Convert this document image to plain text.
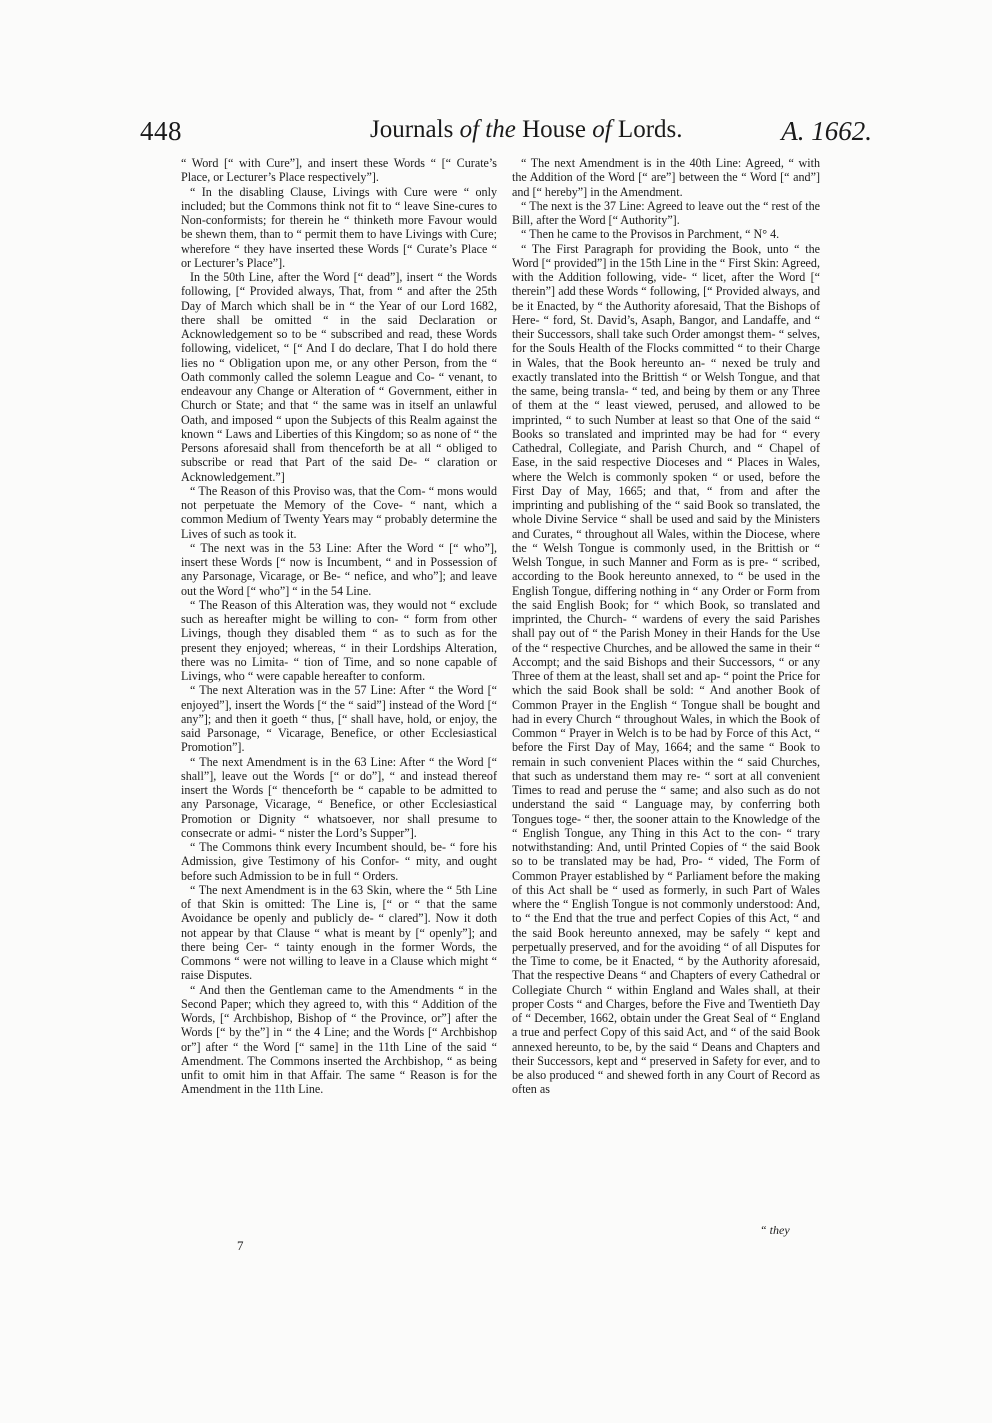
448	Journals of the House of Lords.	A. 1662.

“ Word [“ with Cure”], and insert these Words “ [“ Curate’s Place, or Lecturer’s Place respectively”].

“ In the disabling Clause, Livings with Cure were “ only included; but the Commons think not fit to “ leave Sine-cures to Non-conformists; for therein he “ thinketh more Favour would be shewn them, than to “ permit them to have Livings with Cure; wherefore “ they have inserted these Words [“ Curate’s Place “ or Lecturer’s Place”].

In the 50th Line, after the Word [“ dead”], insert “ the Words following, [“ Provided always, That, from “ and after the 25th Day of March which shall be in “ the Year of our Lord 1682, there shall be omitted “ in the said Declaration or Acknowledgement so to be “ subscribed and read, these Words following, videlicet, “ [“ And I do declare, That I do hold there lies no “ Obligation upon me, or any other Person, from the “ Oath commonly called the solemn League and Co- “ venant, to endeavour any Change or Alteration of “ Government, either in Church or State; and that “ the same was in itself an unlawful Oath, and imposed “ upon the Subjects of this Realm against the known “ Laws and Liberties of this Kingdom; so as none of “ the Persons aforesaid shall from thenceforth be at all “ obliged to subscribe or read that Part of the said De- “ claration or Acknowledgement.”]

“ The Reason of this Proviso was, that the Com- “ mons would not perpetuate the Memory of the Cove- “ nant, which a common Medium of Twenty Years may “ probably determine the Lives of such as took it.

“ The next was in the 53 Line: After the Word “ [“ who”], insert these Words [“ now is Incumbent, “ and in Possession of any Parsonage, Vicarage, or Be- “ nefice, and who”]; and leave out the Word [“ who”] “ in the 54 Line.

“ The Reason of this Alteration was, they would not “ exclude such as hereafter might be willing to con- “ form from other Livings, though they disabled them “ as to such as for the present they enjoyed; whereas, “ in their Lordships Alteration, there was no Limita- “ tion of Time, and so none capable of Livings, who “ were capable hereafter to conform.

“ The next Alteration was in the 57 Line: After “ the Word [“ enjoyed”], insert the Words [“ the “ said”] instead of the Word [“ any”]; and then it goeth “ thus, [“ shall have, hold, or enjoy, the said Parsonage, “ Vicarage, Benefice, or other Ecclesiastical Promotion”].

“ The next Amendment is in the 63 Line: After “ the Word [“ shall”], leave out the Words [“ or do”], “ and instead thereof insert the Words [“ thenceforth be “ capable to be admitted to any Parsonage, Vicarage, “ Benefice, or other Ecclesiastical Promotion or Dignity “ whatsoever, nor shall presume to consecrate or admi- “ nister the Lord’s Supper”].

“ The Commons think every Incumbent should, be- “ fore his Admission, give Testimony of his Confor- “ mity, and ought before such Admission to be in full “ Orders.

“ The next Amendment is in the 63 Skin, where the “ 5th Line of that Skin is omitted: The Line is, [“ or “ that the same Avoidance be openly and publicly de- “ clared”]. Now it doth not appear by that Clause “ what is meant by [“ openly”]; and there being Cer- “ tainty enough in the former Words, the Commons “ were not willing to leave in a Clause which might “ raise Disputes.

“ And then the Gentleman came to the Amendments “ in the Second Paper; which they agreed to, with this “ Addition of the Words, [“ Archbishop, Bishop of “ the Province, or”] after the Words [“ by the”] in “ the 4 Line; and the Words [“ Archbishop or”] after “ the Word [“ same] in the 11th Line of the said “ Amendment. The Commons inserted the Archbishop, “ as being unfit to omit him in that Affair. The same “ Reason is for the Amendment in the 11th Line.

“ The next Amendment is in the 40th Line: Agreed, “ with the Addition of the Word [“ are”] between the “ Word [“ and”] and [“ hereby”] in the Amendment.

“ The next is the 37 Line: Agreed to leave out the “ rest of the Bill, after the Word [“ Authority”].

“ Then he came to the Provisos in Parchment, “ N° 4.

“ The First Paragraph for providing the Book, unto “ the Word [“ provided”] in the 15th Line in the “ First Skin: Agreed, with the Addition following, vide- “ licet, after the Word [“ therein”] add these Words “ following, [“ Provided always, and be it Enacted, by “ the Authority aforesaid, That the Bishops of Here- “ ford, St. David’s, Asaph, Bangor, and Landaffe, and “ their Successors, shall take such Order amongst them- “ selves, for the Souls Health of the Flocks committed “ to their Charge in Wales, that the Book hereunto an- “ nexed be truly and exactly translated into the Brittish “ or Welsh Tongue, and that the same, being transla- “ ted, and being by them or any Three of them at the “ least viewed, perused, and allowed to be imprinted, “ to such Number at least so that One of the said “ Books so translated and imprinted may be had for “ every Cathedral, Collegiate, and Parish Church, and “ Chapel of Ease, in the said respective Dioceses and “ Places in Wales, where the Welch is commonly spoken “ or used, before the First Day of May, 1665; and that, “ from and after the imprinting and publishing of the “ said Book so translated, the whole Divine Service “ shall be used and said by the Ministers and Curates, “ throughout all Wales, within the Diocese, where the “ Welsh Tongue is commonly used, in the Brittish or “ Welsh Tongue, in such Manner and Form as is pre- “ scribed, according to the Book hereunto annexed, to “ be used in the English Tongue, differing nothing in “ any Order or Form from the said English Book; for “ which Book, so translated and imprinted, the Church- “ wardens of every the said Parishes shall pay out of “ the Parish Money in their Hands for the Use of the “ respective Churches, and be allowed the same in their “ Accompt; and the said Bishops and their Successors, “ or any Three of them at the least, shall set and ap- “ point the Price for which the said Book shall be sold: “ And another Book of Common Prayer in the English “ Tongue shall be bought and had in every Church “ throughout Wales, in which the Book of Common “ Prayer in Welch is to be had by Force of this Act, “ before the First Day of May, 1664; and the same “ Book to remain in such convenient Places within the “ said Churches, that such as understand them may re- “ sort at all convenient Times to read and peruse the “ same; and also such as do not understand the said “ Language may, by conferring both Tongues toge- “ ther, the sooner attain to the Knowledge of the “ English Tongue, any Thing in this Act to the con- “ trary notwithstanding: And, until Printed Copies of “ the said Book so to be translated may be had, Pro- “ vided, The Form of Common Prayer established by “ Parliament before the making of this Act shall be “ used as formerly, in such Part of Wales where the “ English Tongue is not commonly understood: And, to “ the End that the true and perfect Copies of this Act, “ and the said Book hereunto annexed, may be safely “ kept and perpetually preserved, and for the avoiding “ of all Disputes for the Time to come, be it Enacted, “ by the Authority aforesaid, That the respective Deans “ and Chapters of every Cathedral or Collegiate Church “ within England and Wales shall, at their proper Costs “ and Charges, before the Five and Twentieth Day of “ December, 1662, obtain under the Great Seal of “ England a true and perfect Copy of this said Act, and “ of the said Book annexed hereunto, to be, by the said “ Deans and Chapters and their Successors, kept and “ preserved in Safety for ever, and to be also produced “ and shewed forth in any Court of Record as often as

7
“ they
